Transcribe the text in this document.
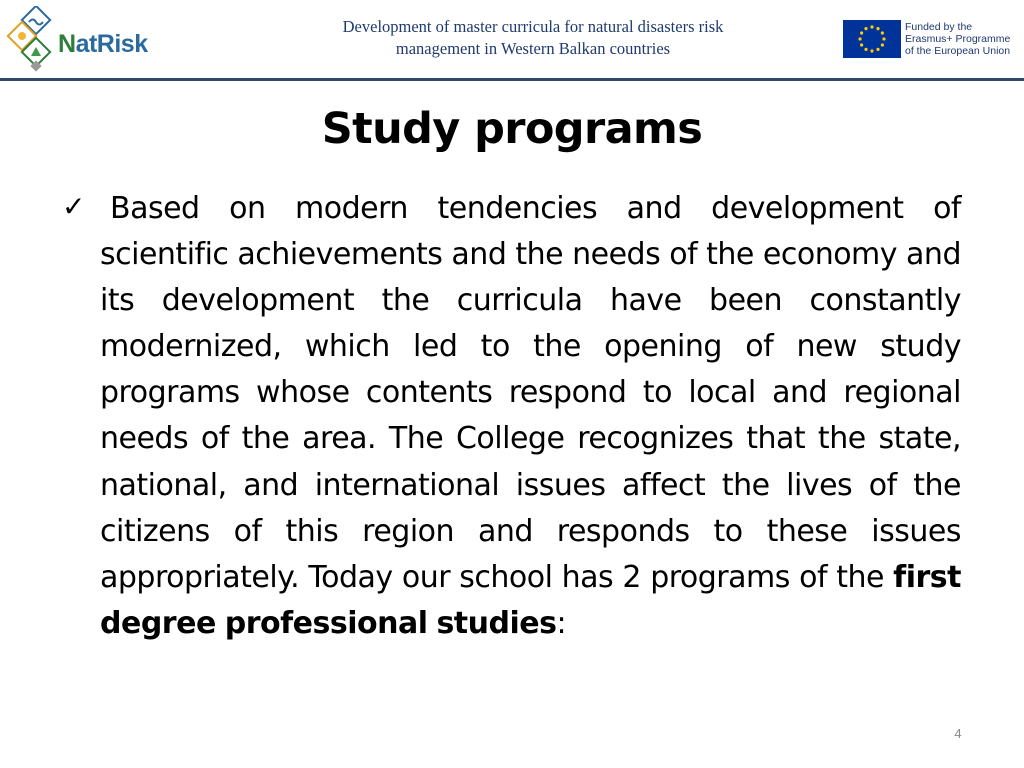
NatRisk
Development of master curricula for natural disasters risk
management in Western Balkan countries
Funded by the
Erasmus+ Programme
of the European Union
Study programs
✓ Based on modern tendencies and development of scientific achievements and the needs of the economy and its development the curricula have been constantly modernized, which led to the opening of new study programs whose contents respond to local and regional needs of the area. The College recognizes that the state, national, and international issues affect the lives of the citizens of this region and responds to these issues appropriately. Today our school has 2 programs of the first degree professional studies:
4
